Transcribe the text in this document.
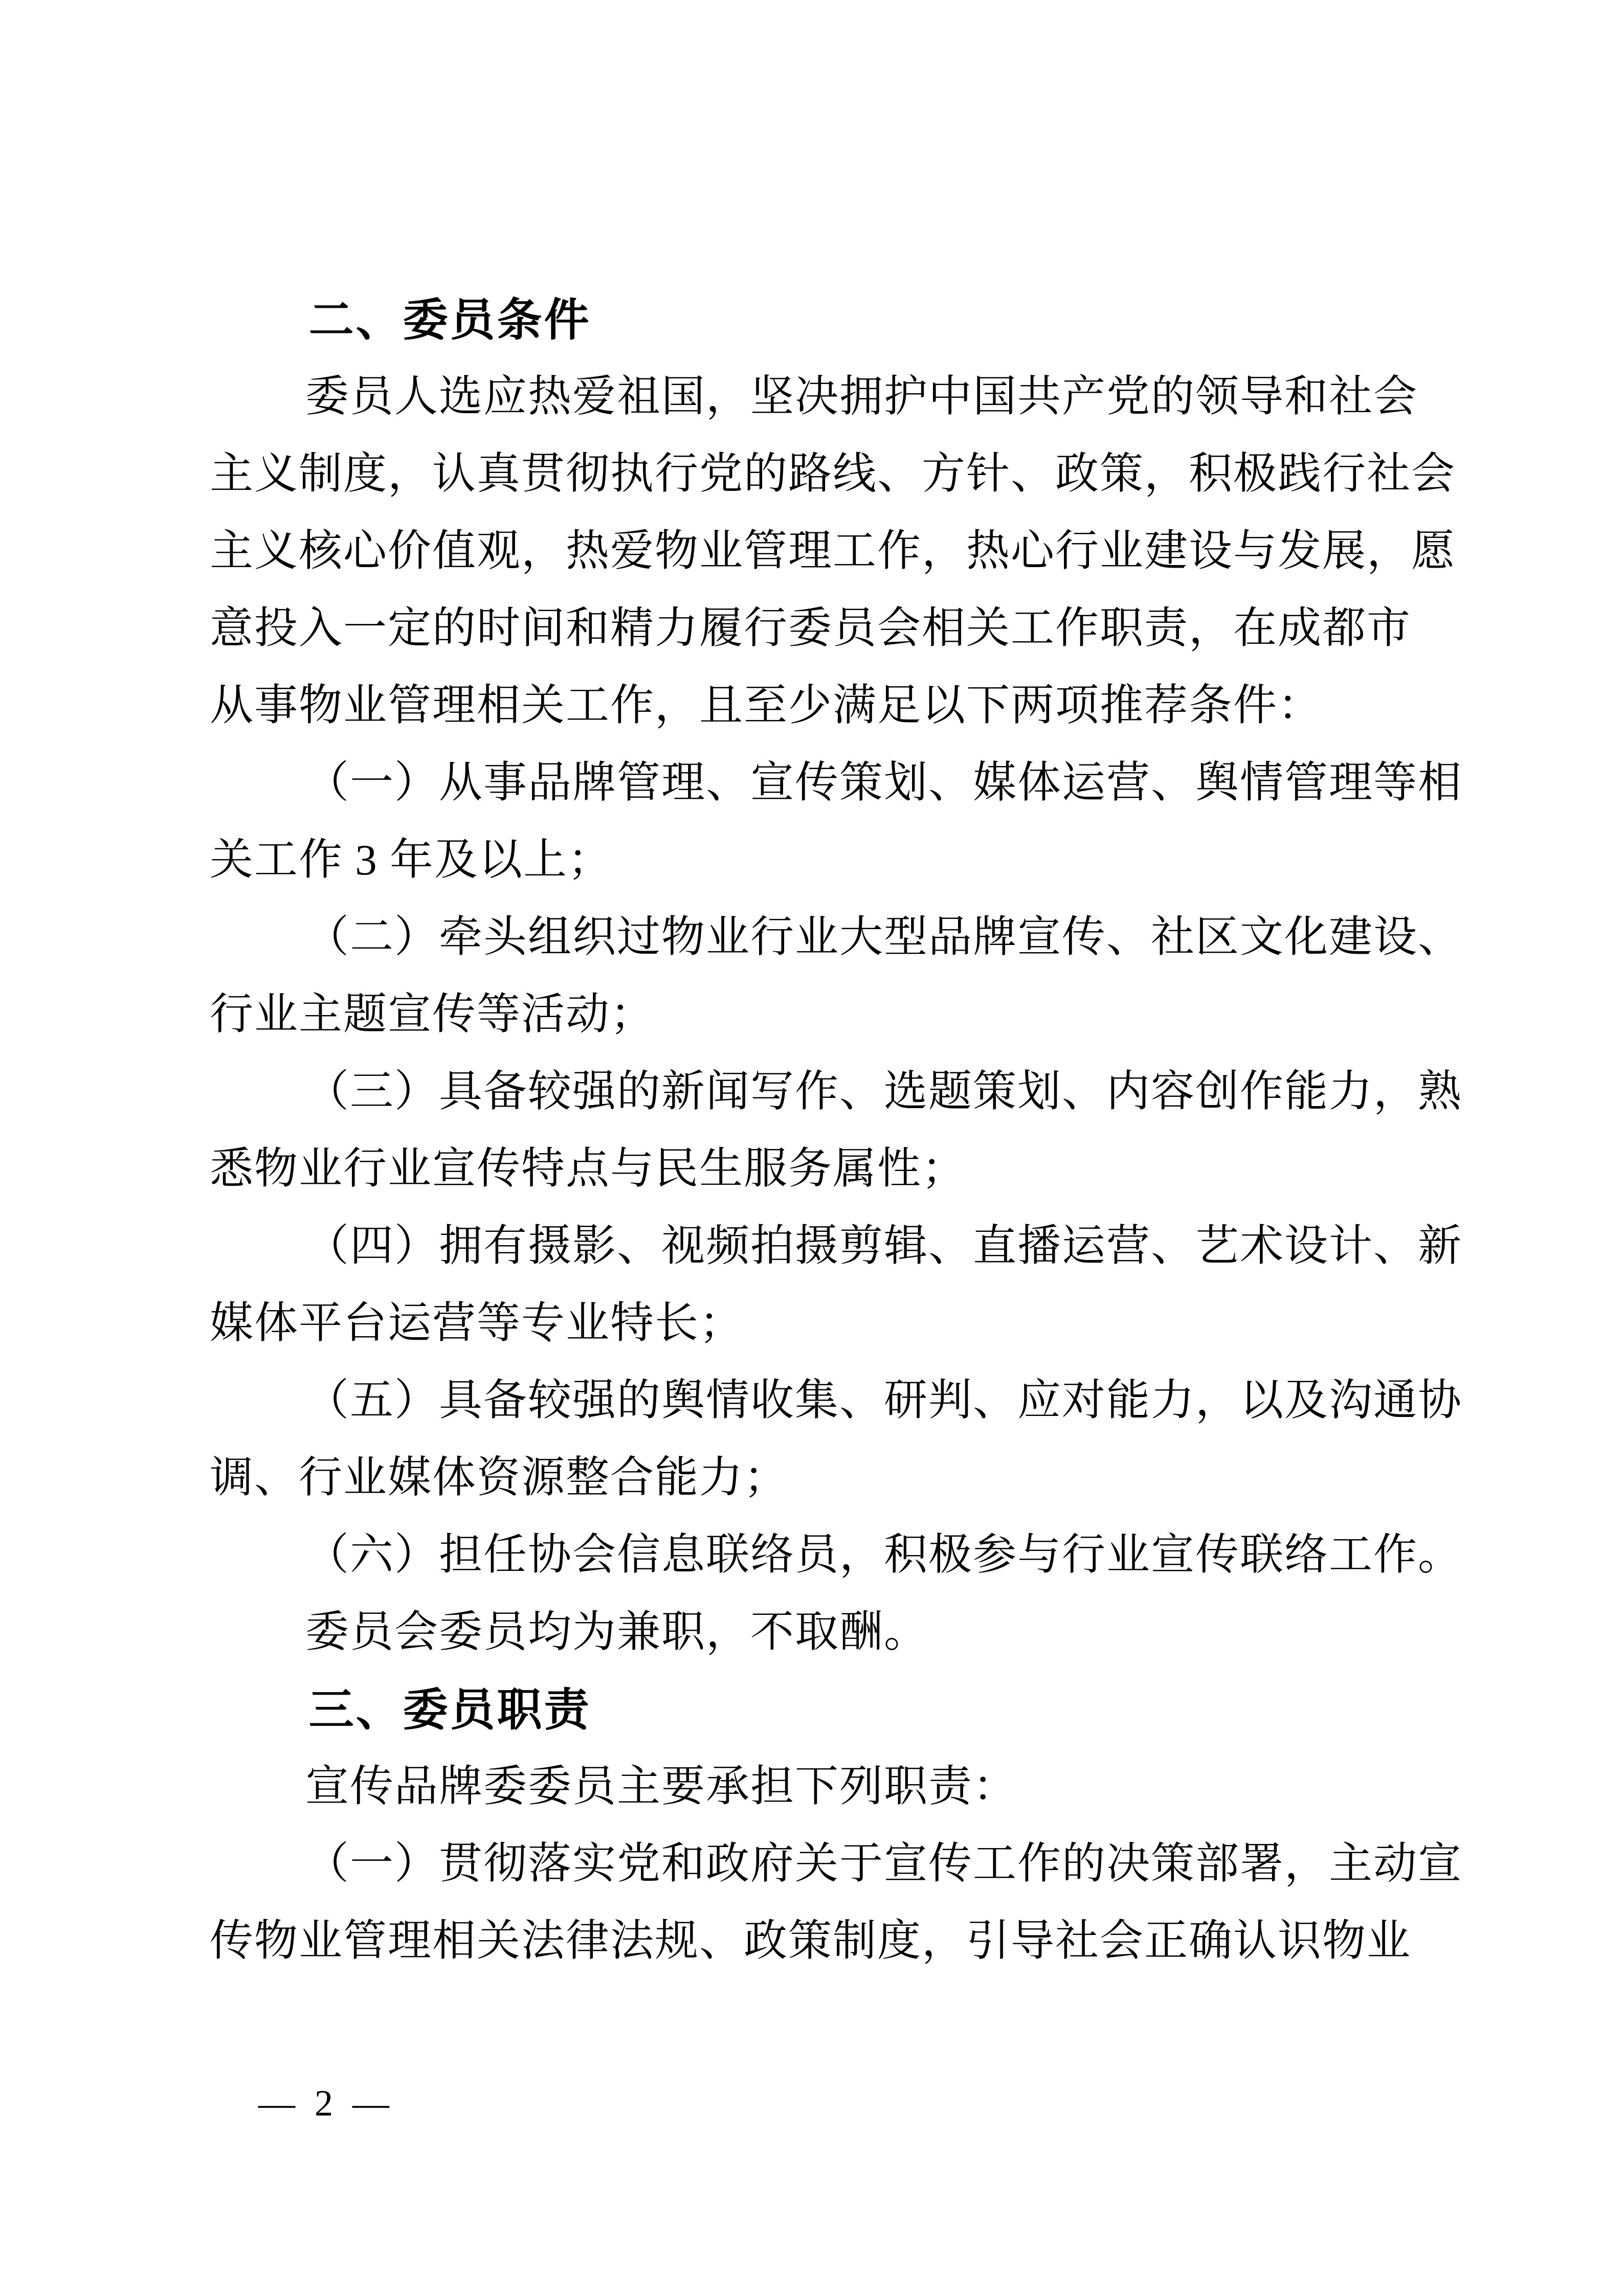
二、委员条件
委员人选应热爱祖国，坚决拥护中国共产党的领导和社会
主义制度，认真贯彻执行党的路线、方针、政策，积极践行社会
主义核心价值观，热爱物业管理工作，热心行业建设与发展，愿
意投入一定的时间和精力履行委员会相关工作职责，在成都市
从事物业管理相关工作，且至少满足以下两项推荐条件：
（一）从事品牌管理、宣传策划、媒体运营、舆情管理等相
关工作 3 年及以上；
（二）牵头组织过物业行业大型品牌宣传、社区文化建设、
行业主题宣传等活动；
（三）具备较强的新闻写作、选题策划、内容创作能力，熟
悉物业行业宣传特点与民生服务属性；
（四）拥有摄影、视频拍摄剪辑、直播运营、艺术设计、新
媒体平台运营等专业特长；
（五）具备较强的舆情收集、研判、应对能力，以及沟通协
调、行业媒体资源整合能力；
（六）担任协会信息联络员，积极参与行业宣传联络工作。
委员会委员均为兼职，不取酬。
三、委员职责
宣传品牌委委员主要承担下列职责：
（一）贯彻落实党和政府关于宣传工作的决策部署，主动宣
传物业管理相关法律法规、政策制度，引导社会正确认识物业
— 2 —
